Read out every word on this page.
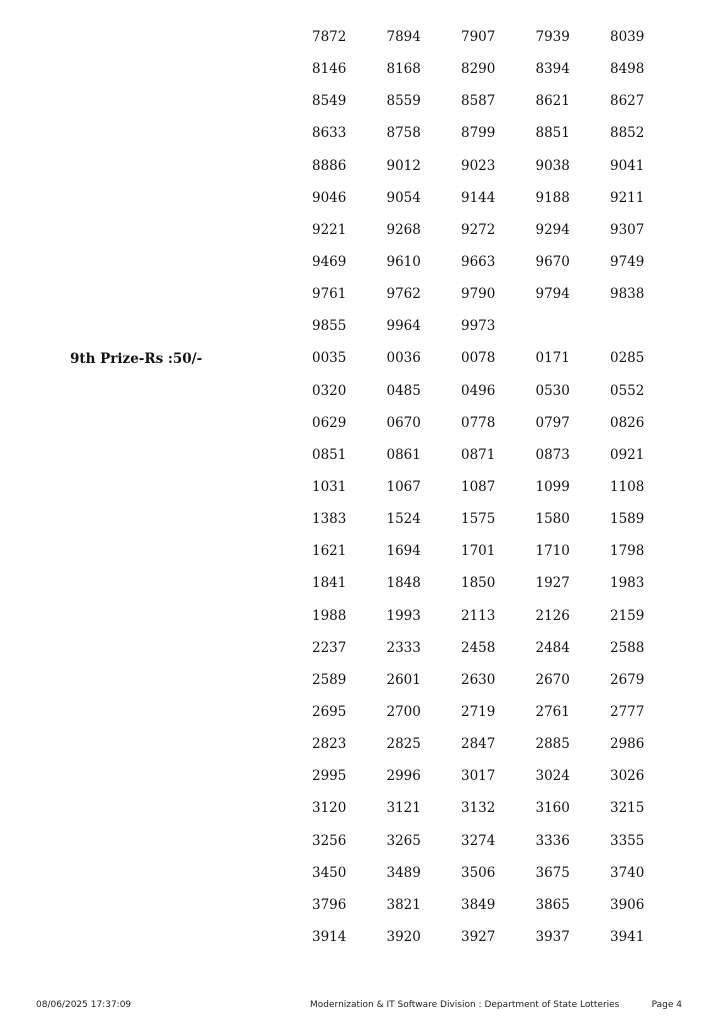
9th Prize-Rs :50/-
7872	7894	7907	7939	8039
8146	8168	8290	8394	8498
8549	8559	8587	8621	8627
8633	8758	8799	8851	8852
8886	9012	9023	9038	9041
9046	9054	9144	9188	9211
9221	9268	9272	9294	9307
9469	9610	9663	9670	9749
9761	9762	9790	9794	9838
9855	9964	9973
0035	0036	0078	0171	0285
0320	0485	0496	0530	0552
0629	0670	0778	0797	0826
0851	0861	0871	0873	0921
1031	1067	1087	1099	1108
1383	1524	1575	1580	1589
1621	1694	1701	1710	1798
1841	1848	1850	1927	1983
1988	1993	2113	2126	2159
2237	2333	2458	2484	2588
2589	2601	2630	2670	2679
2695	2700	2719	2761	2777
2823	2825	2847	2885	2986
2995	2996	3017	3024	3026
3120	3121	3132	3160	3215
3256	3265	3274	3336	3355
3450	3489	3506	3675	3740
3796	3821	3849	3865	3906
3914	3920	3927	3937	3941
08/06/2025 17:37:09	Modernization & IT Software Division : Department of State Lotteries	Page 4
